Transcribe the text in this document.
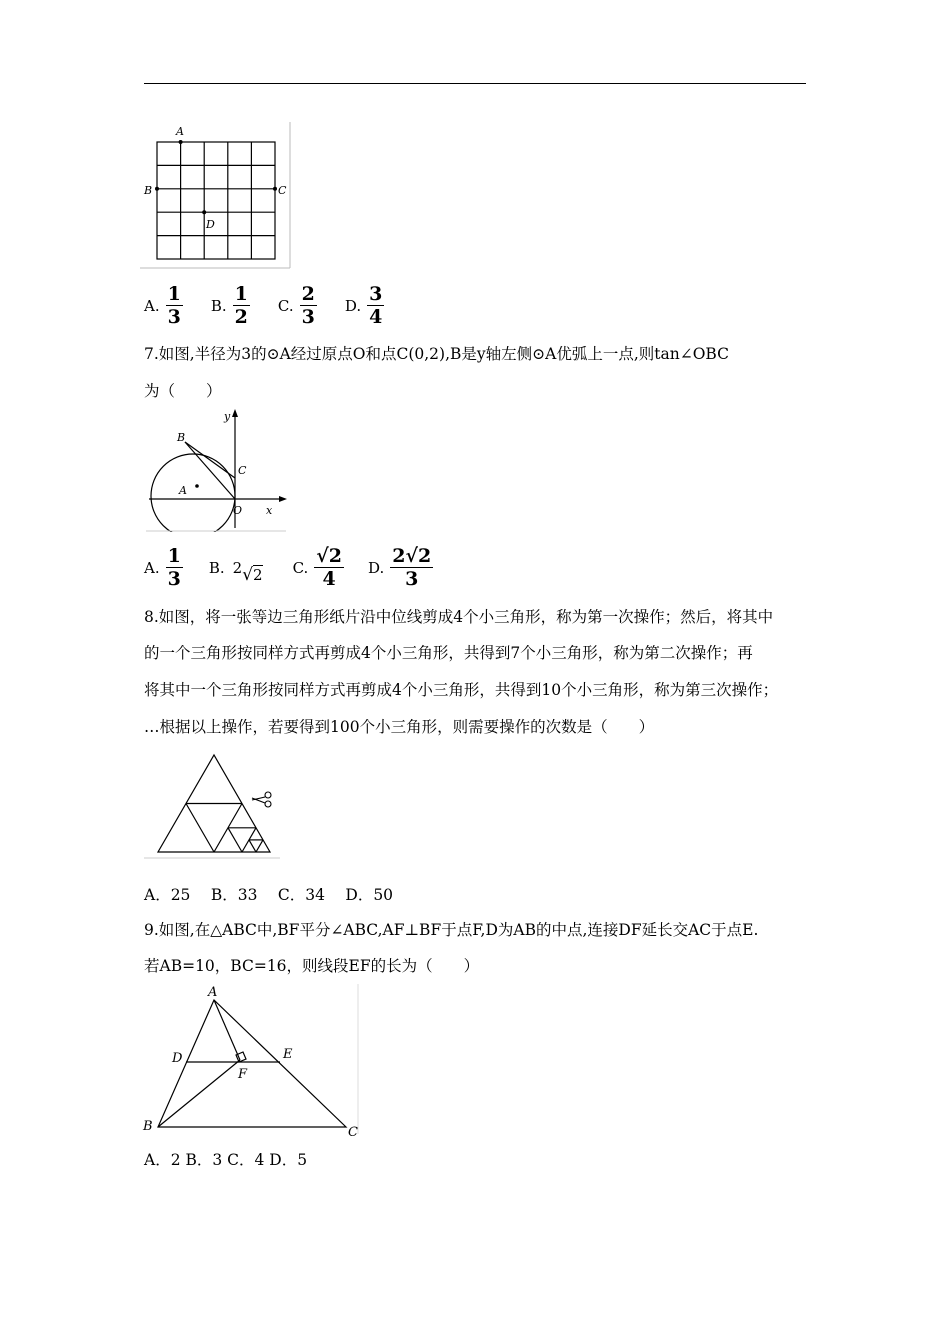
A
B	C
D
A. $\frac{1}{3} B$. $\frac{1}{2} C$. $\frac{2}{3} D$. $\frac{3}{4}$
7.如图,半径为3的⊙A经过原点O和点C(0,2),B是y轴左侧⊙A优弧上一点,则tan∠OBC
为（　　）
y
B
C
A
O x
A. $\frac{1}{3} B$. 2 √ 2 C. $\frac{√2}{4} D$. $\frac{2√2}{3}$
8.如图，将一张等边三角形纸片沿中位线剪成4个小三角形，称为第一次操作；然后，将其中
的一个三角形按同样方式再剪成4个小三角形，共得到7个小三角形，称为第二次操作；再
将其中一个三角形按同样方式再剪成4个小三角形，共得到10个小三角形，称为第三次操作；
…根据以上操作，若要得到100个小三角形，则需要操作的次数是（　　）
A．25　 B．33　 C．34　 D．50
9.如图,在△ABC中,BF平分∠ABC,AF⊥BF于点F,D为AB的中点,连接DF延长交AC于点E.
若AB=10，BC=16，则线段EF的长为（　　）
A
D	E
F
B	C
A．2 B．3 C．4 D．5
